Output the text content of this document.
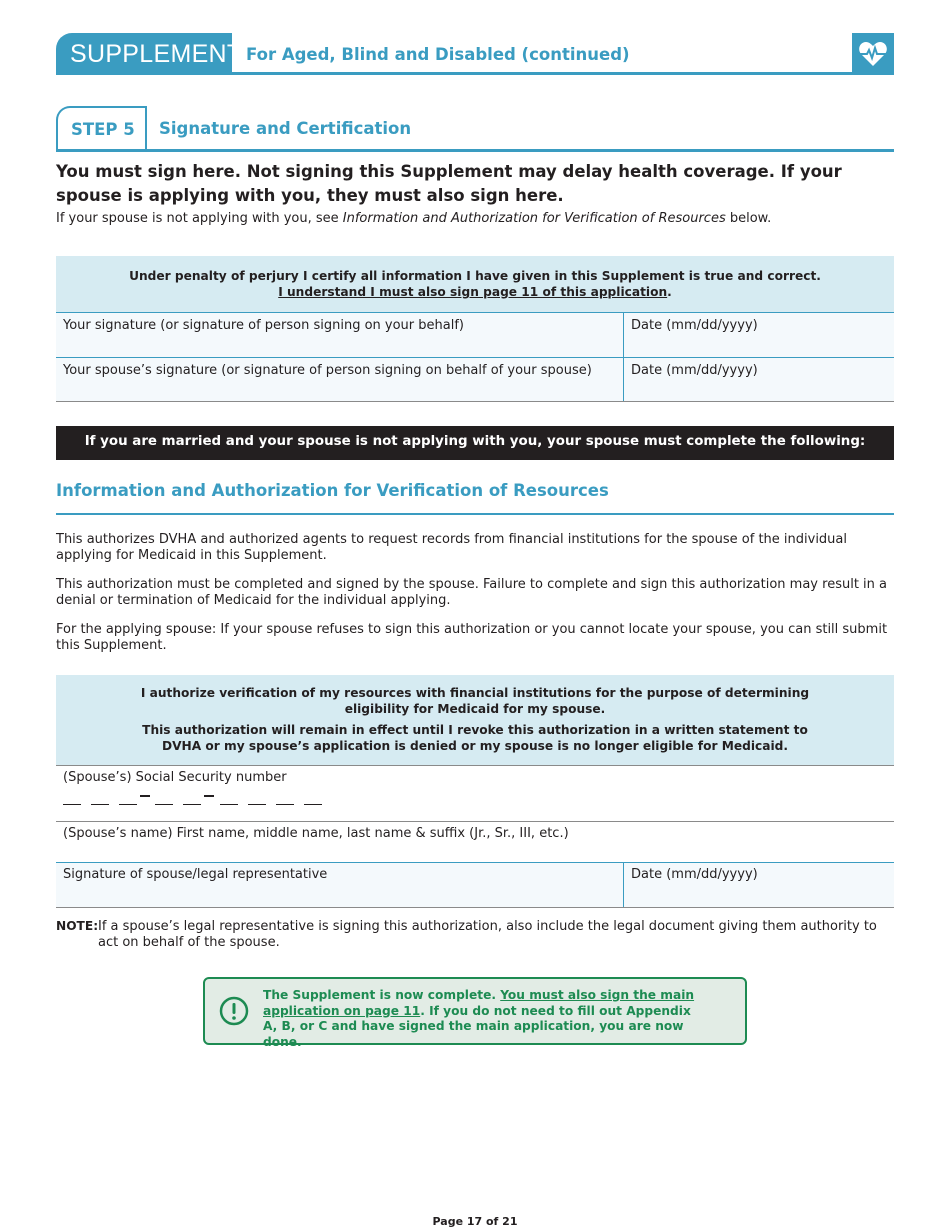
SUPPLEMENT For Aged, Blind and Disabled (continued)
STEP 5	Signature and Certification
You must sign here. Not signing this Supplement may delay health coverage. If your spouse is applying with you, they must also sign here.
If your spouse is not applying with you, see Information and Authorization for Verification of Resources below.
Under penalty of perjury I certify all information I have given in this Supplement is true and correct.
I understand I must also sign page 11 of this application.
Your signature (or signature of person signing on your behalf)	Date (mm/dd/yyyy)
Your spouse’s signature (or signature of person signing on behalf of your spouse)	Date (mm/dd/yyyy)
If you are married and your spouse is not applying with you, your spouse must complete the following:
Information and Authorization for Verification of Resources
This authorizes DVHA and authorized agents to request records from financial institutions for the spouse of the individual applying for Medicaid in this Supplement.
This authorization must be completed and signed by the spouse. Failure to complete and sign this authorization may result in a denial or termination of Medicaid for the individual applying.
For the applying spouse: If your spouse refuses to sign this authorization or you cannot locate your spouse, you can still submit this Supplement.

I authorize verification of my resources with financial institutions for the purpose of determining eligibility for Medicaid for my spouse.

This authorization will remain in effect until I revoke this authorization in a written statement to DVHA or my spouse’s application is denied or my spouse is no longer eligible for Medicaid.

(Spouse’s) Social Security number
(Spouse’s name) First name, middle name, last name & suffix (Jr., Sr., III, etc.)
Signature of spouse/legal representative	Date (mm/dd/yyyy)
NOTE: If a spouse’s legal representative is signing this authorization, also include the legal document giving them authority to act on behalf of the spouse.
The Supplement is now complete. You must also sign the main application on page 11. If you do not need to fill out Appendix A, B, or C and have signed the main application, you are now done.
Page 17 of 21
